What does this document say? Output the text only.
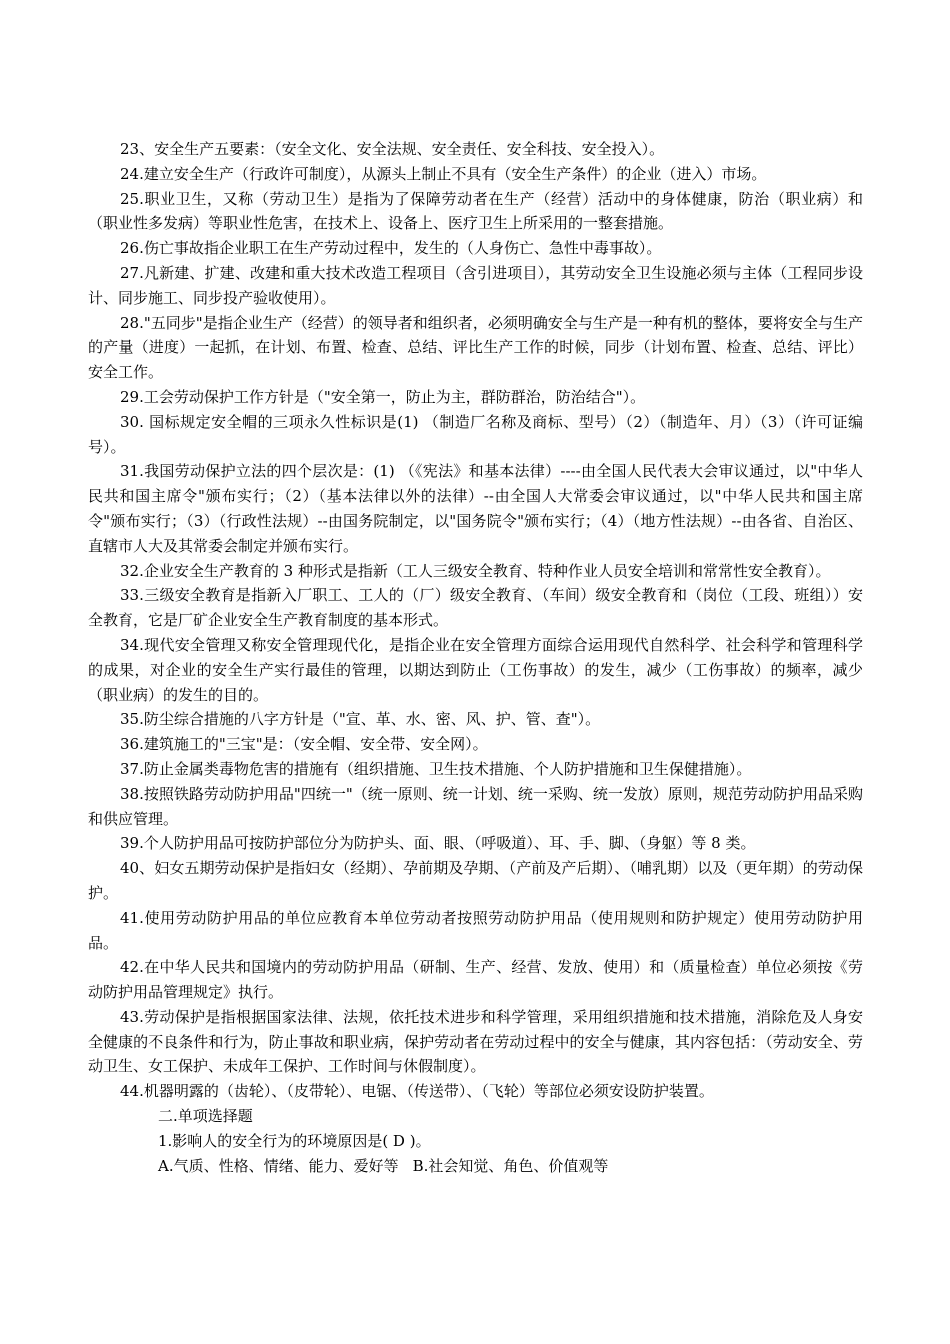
23、安全生产五要素：（安全文化、安全法规、安全责任、安全科技、安全投入）。

24.建立安全生产（行政许可制度），从源头上制止不具有（安全生产条件）的企业（进入）市场。

25.职业卫生，又称（劳动卫生）是指为了保障劳动者在生产（经营）活动中的身体健康，防治（职业病）和（职业性多发病）等职业性危害，在技术上、设备上、医疗卫生上所采用的一整套措施。

26.伤亡事故指企业职工在生产劳动过程中，发生的（人身伤亡、急性中毒事故）。

27.凡新建、扩建、改建和重大技术改造工程项目（含引进项目），其劳动安全卫生设施必须与主体（工程同步设计、同步施工、同步投产验收使用）。

28."五同步"是指企业生产（经营）的领导者和组织者，必须明确安全与生产是一种有机的整体，要将安全与生产的产量（进度）一起抓，在计划、布置、检查、总结、评比生产工作的时候，同步（计划布置、检查、总结、评比）安全工作。

29.工会劳动保护工作方针是（"安全第一，防止为主，群防群治，防治结合"）。

30. 国标规定安全帽的三项永久性标识是(1) （制造厂名称及商标、型号）（2）（制造年、月）（3）（许可证编号）。

31.我国劳动保护立法的四个层次是：(1) （《宪法》和基本法律）----由全国人民代表大会审议通过，以"中华人民共和国主席令"颁布实行；（2）（基本法律以外的法律）--由全国人大常委会审议通过，以"中华人民共和国主席令"颁布实行；（3）（行政性法规）--由国务院制定，以"国务院令"颁布实行；（4）（地方性法规）--由各省、自治区、直辖市人大及其常委会制定并颁布实行。

32.企业安全生产教育的 3 种形式是指新（工人三级安全教育、特种作业人员安全培训和常常性安全教育）。

33.三级安全教育是指新入厂职工、工人的（厂）级安全教育、（车间）级安全教育和（岗位（工段、班组））安全教育，它是厂矿企业安全生产教育制度的基本形式。

34.现代安全管理又称安全管理现代化，是指企业在安全管理方面综合运用现代自然科学、社会科学和管理科学的成果，对企业的安全生产实行最佳的管理，以期达到防止（工伤事故）的发生，减少（工伤事故）的频率，减少（职业病）的发生的目的。

35.防尘综合措施的八字方针是（"宣、革、水、密、风、护、管、查"）。

36.建筑施工的"三宝"是：（安全帽、安全带、安全网）。

37.防止金属类毒物危害的措施有（组织措施、卫生技术措施、个人防护措施和卫生保健措施）。

38.按照铁路劳动防护用品"四统一"（统一原则、统一计划、统一采购、统一发放）原则，规范劳动防护用品采购和供应管理。

39.个人防护用品可按防护部位分为防护头、面、眼、（呼吸道）、耳、手、脚、（身躯）等 8 类。

40、妇女五期劳动保护是指妇女（经期）、孕前期及孕期、（产前及产后期）、（哺乳期）以及（更年期）的劳动保护。

41.使用劳动防护用品的单位应教育本单位劳动者按照劳动防护用品（使用规则和防护规定）使用劳动防护用品。

42.在中华人民共和国境内的劳动防护用品（研制、生产、经营、发放、使用）和（质量检查）单位必须按《劳动防护用品管理规定》执行。

43.劳动保护是指根据国家法律、法规，依托技术进步和科学管理，采用组织措施和技术措施，消除危及人身安全健康的不良条件和行为，防止事故和职业病，保护劳动者在劳动过程中的安全与健康，其内容包括：（劳动安全、劳动卫生、女工保护、未成年工保护、工作时间与休假制度）。

44.机器明露的（齿轮）、（皮带轮）、电锯、（传送带）、（飞轮）等部位必须安设防护装置。

二.单项选择题

1.影响人的安全行为的环境原因是( D )。

A.气质、性格、情绪、能力、爱好等 B.社会知觉、角色、价值观等
